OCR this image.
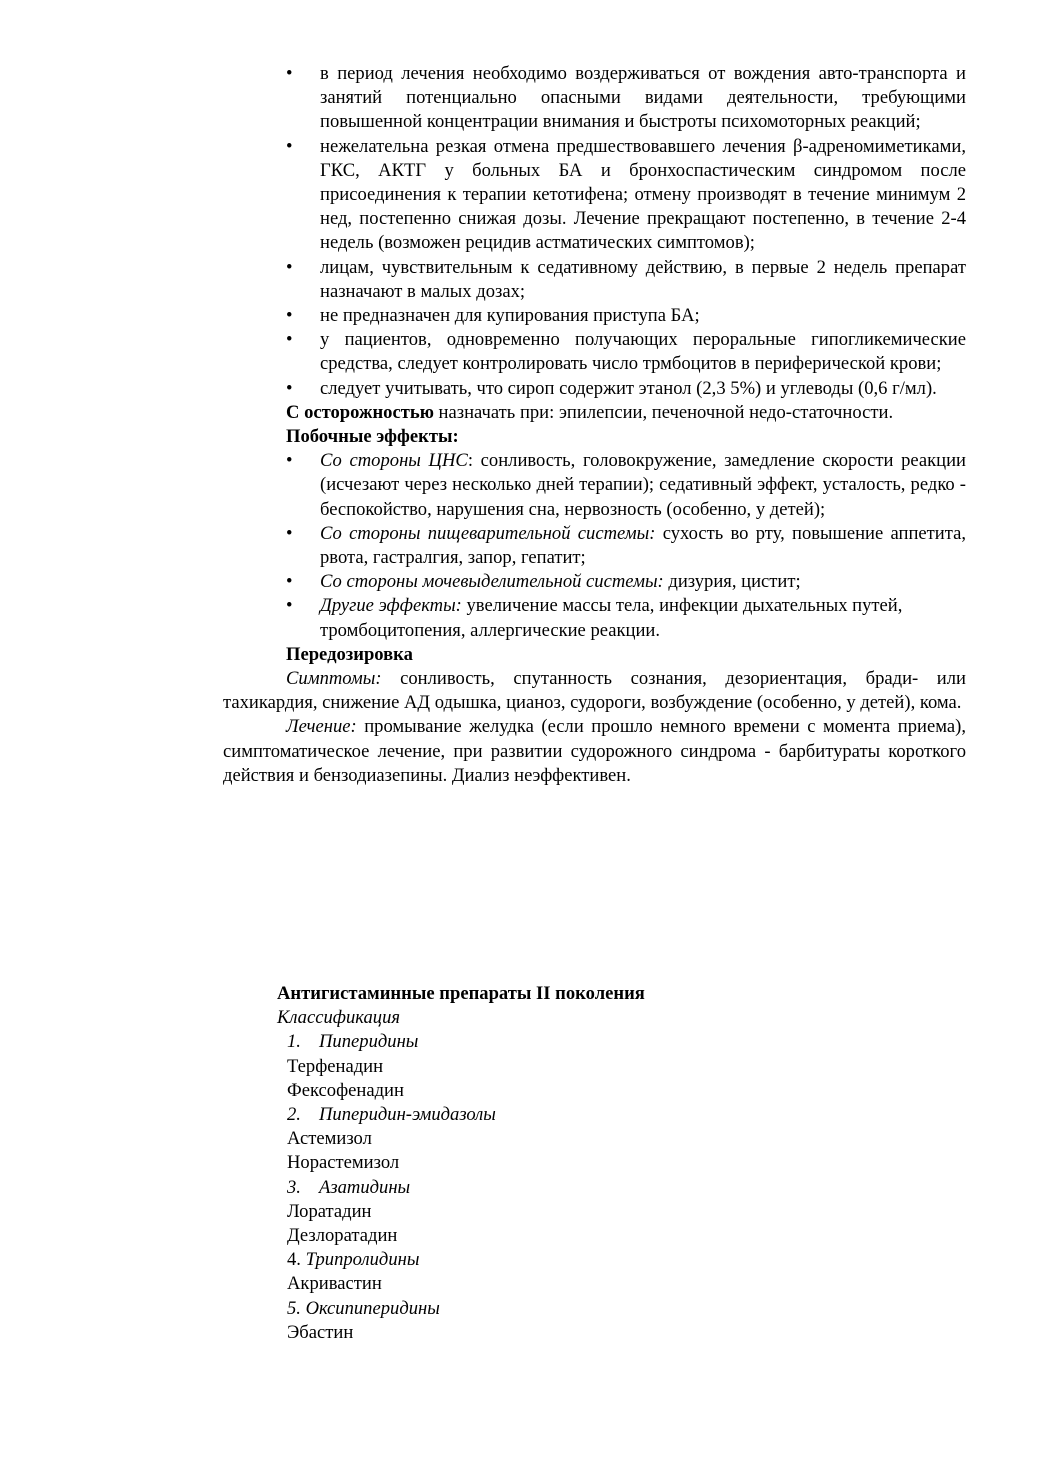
• в период лечения необходимо воздерживаться от вождения авто-транспорта и занятий потенциально опасными видами деятельности, требующими повышенной концентрации внимания и быстроты психомоторных реакций;

• нежелательна резкая отмена предшествовавшего лечения β-адреномиметиками, ГКС, АКТГ у больных БА и бронхоспастическим синдромом после присоединения к терапии кетотифена; отмену производят в течение минимум 2 нед, постепенно снижая дозы. Лечение прекращают постепенно, в течение 2-4 недель (возможен рецидив астматических симптомов);

• лицам, чувствительным к седативному действию, в первые 2 недель препарат назначают в малых дозах;

• не предназначен для купирования приступа БА;

• у пациентов, одновременно получающих пероральные гипогликемические средства, следует контролировать число трмбоцитов в периферической крови;

• следует учитывать, что сироп содержит этанол (2,3 5%) и углеводы (0,6 г/мл).

С осторожностью назначать при: эпилепсии, печеночной недо-статочности.

Побочные эффекты:

• Со стороны ЦНС: сонливость, головокружение, замедление скорости реакции (исчезают через несколько дней терапии); седативный эффект, усталость, редко - беспокойство, нарушения сна, нервозность (особенно, у детей);

• Со стороны пищеварительной системы: сухость во рту, повышение аппетита, рвота, гастралгия, запор, гепатит;

• Со стороны мочевыделительной системы: дизурия, цистит;

• Другие эффекты: увеличение массы тела, инфекции дыхательных путей, тромбоцитопения, аллергические реакции.

Передозировка

Симптомы: сонливость, спутанность сознания, дезориентация, бради- или тахикардия, снижение АД одышка, цианоз, судороги, возбуждение (особенно, у детей), кома.

Лечение: промывание желудка (если прошло немного времени с момента приема), симптоматическое лечение, при развитии судорожного синдрома - барбитураты короткого действия и бензодиазепины. Диализ неэффективен.

Антигистаминные препараты II поколения

Классификация

1. Пиперидины

Терфенадин

Фексофенадин

2. Пиперидин-эмидазолы

Астемизол

Норастемизол

3. Азатидины

Лоратадин

Дезлоратадин

4. Трипролидины

Акривастин

5. Оксипиперидины

Эбастин
